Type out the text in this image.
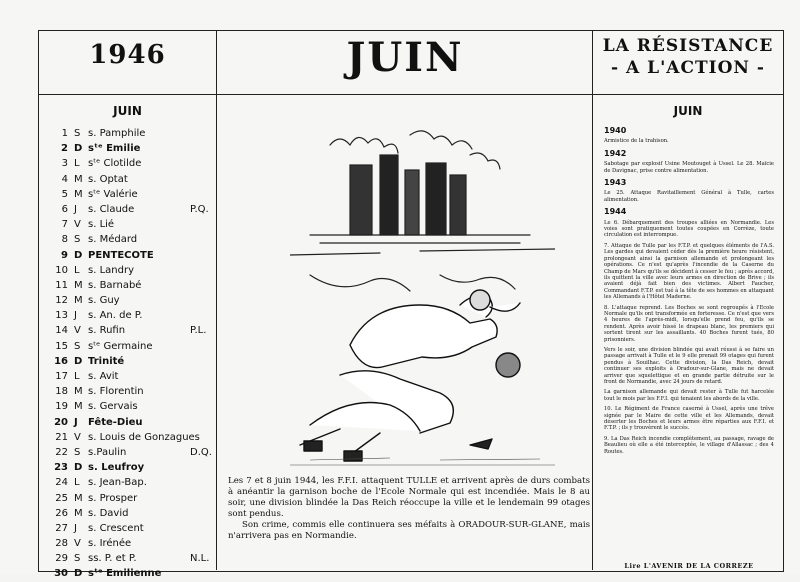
1946	JUIN	LA RÉSISTANCE
- A L'ACTION -
JUIN
1 S s. Pamphile
2 D sᵗᵉ Emilie
3 L sᵗᵉ Clotilde
4 M s. Optat
5 M sᵗᵉ Valérie
6 J s. Claude	P.Q.
7 V s. Lié
8 S s. Médard
9 D PENTECOTE
10 L s. Landry
11 M s. Barnabé
12 M s. Guy
13 J s. An. de P.
14 V s. Rufin	P.L.
15 S sᵗᵉ Germaine
16 D Trinité
17 L s. Avit
18 M s. Florentin
19 M s. Gervais
20 J Fête-Dieu
21 V s. Louis de Gonzagues
22 S s.Paulin	D.Q.
23 D s. Leufroy
24 L s. Jean-Bap.
25 M s. Prosper
26 M s. David
27 J s. Crescent
28 V s. Irénée
29 S ss. P. et P.	N.L.
30 D sᵗᵉ Emilienne

Les 7 et 8 juin 1944, les F.F.I. attaquent TULLE et arrivent après de durs combats à anéantir la garnison boche de l'Ecole Normale qui est incendiée. Mais le 8 au soir, une division blindée la Das Reich réoccupe la ville et le lendemain 99 otages sont pendus.

Son crime, commis elle continuera ses méfaits à ORADOUR-SUR-GLANE, mais n'arrivera pas en Normandie.

JUIN
1940
Armistice de la trahison.
1942
Sabotage par explosif Usine Moutouget à Ussel. Le 28. Maïcie de Davignac, prise contre alimentation.
1943
Le 25. Attaque Ravitaillement Général à Tulle, cartes alimentation.
1944
Le 6. Débarquement des troupes alliées en Normandie. Les voies sont pratiquement toutes coupées en Corrèze, toute circulation est interrompue.
7. Attaque de Tulle par les F.T.P. et quelques éléments de l'A.S. Les gardes qui devaient céder dès la première heure résistent, prolongeant ainsi la garnison allemande et prolongeant les opérations. Ce n'est qu'après l'incendie de la Caserne du Champ de Mars qu'ils se décident à cesser le feu ; après accord, ils quittent la ville avec leurs armes en direction de Brive ; ils avaient déjà fait bien des victimes. Albert Faucher, Commandant F.T.P. est tué à la tête de ses hommes en attaquant les Allemands à l'Hôtel Maderne.
8. L'attaque reprend. Les Boches se sont regroupés à l'Ecole Normale qu'ils ont transformée en forteresse. Ce n'est que vers 4 heures de l'après-midi, lorsqu'elle prend feu, qu'ils se rendent. Après avoir hissé le drapeau blanc, les premiers qui sortent tirent sur les assaillants. 40 Boches furent tués, 80 prisonniers.
Vers le soir, une division blindée qui avait réussi à se faire un passage arrivait à Tulle et le 9 elle prenait 99 otages qui furent pendus à Souilhac. Cette division, la Das Reich, devait continuer ses exploits à Oradour-sur-Glane, mais ne devait arriver que squelettique et en grande partie détruite sur le front de Normandie, avec 24 jours de retard.
La garnison allemande qui devait rester à Tulle fut harcelée tout le mois par les F.F.I. qui tenaient les abords de la ville.
10. Le Régiment de France caserné à Ussel, après une trêve signée par le Maire de cette ville et les Allemands, devait déserter les Boches et leurs armes être réparties aux F.F.I. et F.T.P. ; ils y trouvèrent le succès.
9. La Das Reich incendie complètement, au passage, ravage de Beaulieu où elle a été interceptée, le village d'Allassac ; des 4 Routes.
Lire L'AVENIR DE LA CORREZE
